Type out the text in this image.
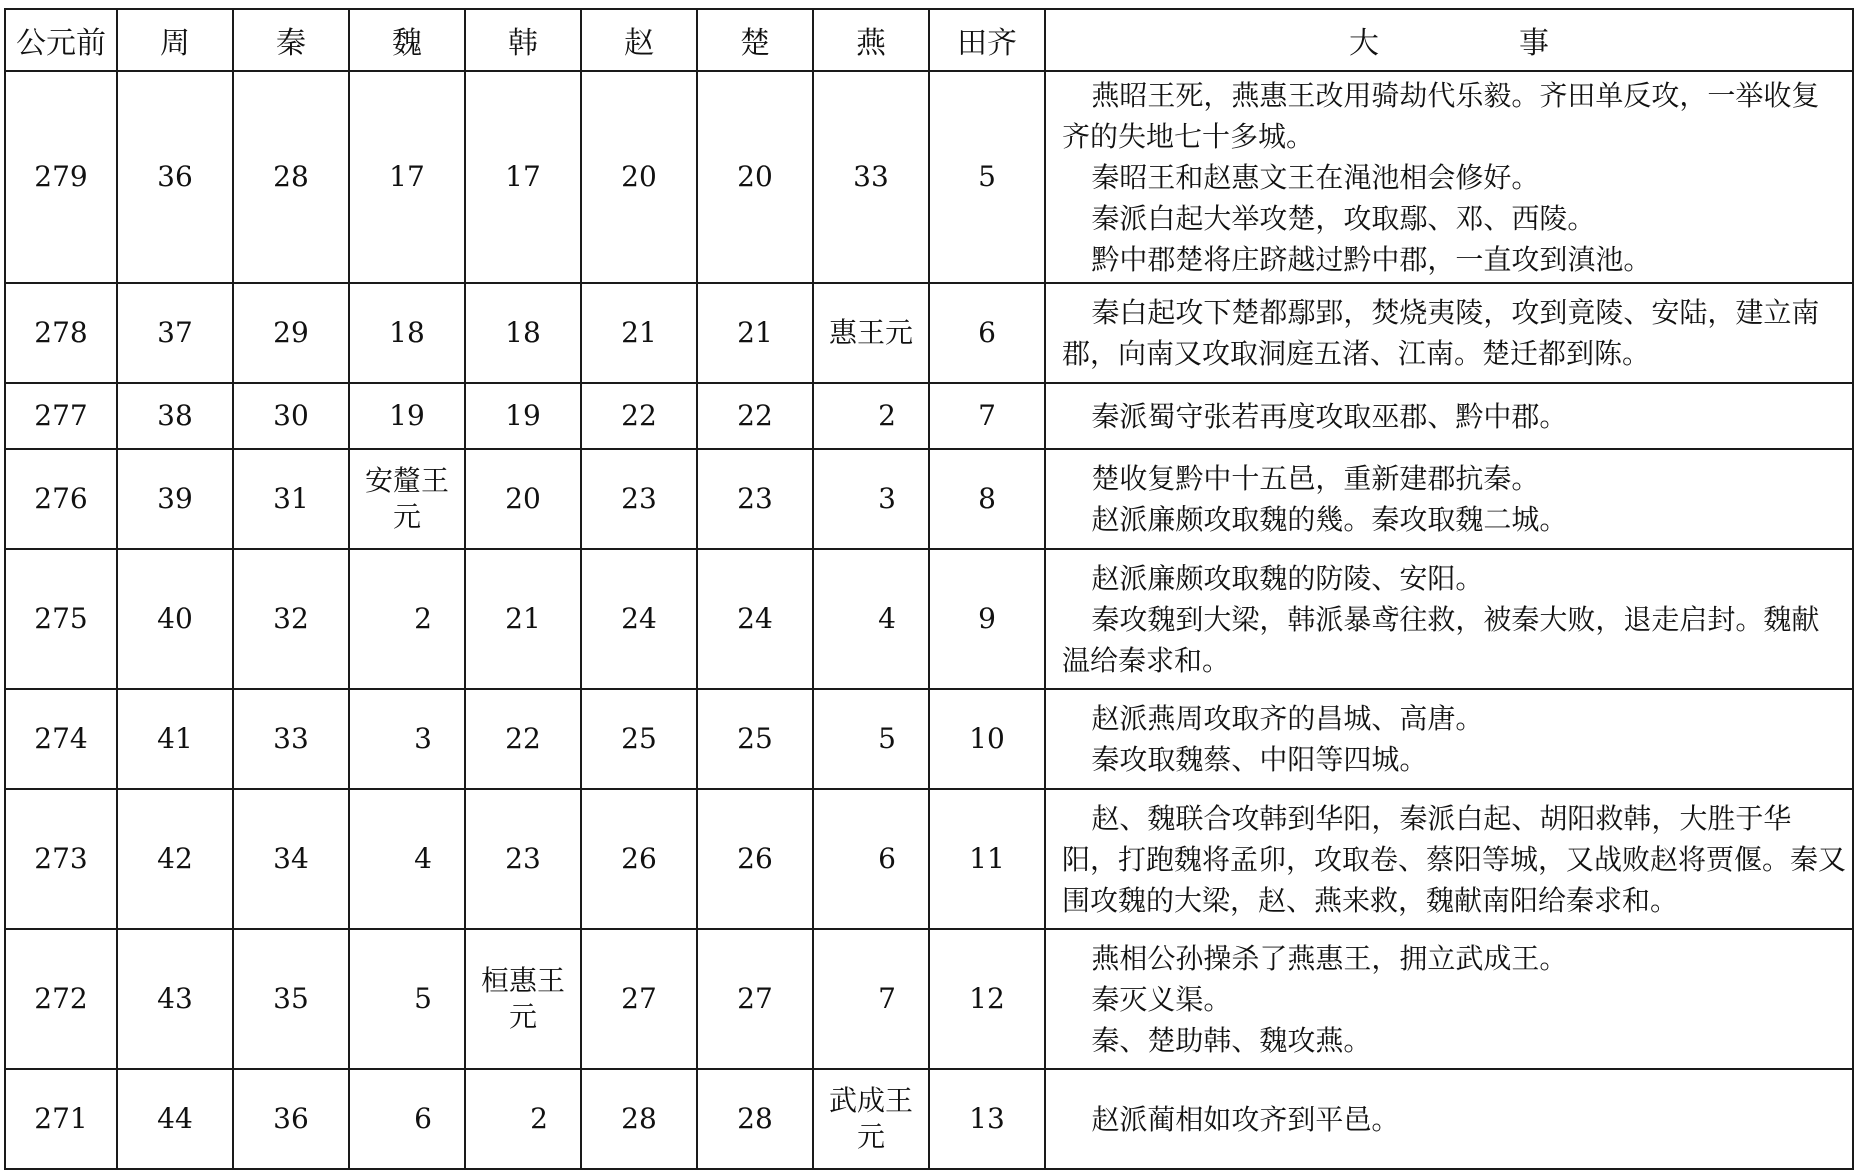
公元前	周	秦	魏	韩	赵	楚	燕	田齐	大 事

279	36	28	17	17	20	20	33	5	燕昭王死，燕惠王改用骑劫代乐毅。齐田单反攻，一举收复齐的失地七十多城。
秦昭王和赵惠文王在渑池相会修好。
秦派白起大举攻楚，攻取鄢、邓、西陵。
黔中郡楚将庄跻越过黔中郡，一直攻到滇池。

278	37	29	18	18	21	21	惠王元	6	秦白起攻下楚都鄢郢，焚烧夷陵，攻到竟陵、安陆，建立南郡，向南又攻取洞庭五渚、江南。楚迁都到陈。

277	38	30	19	19	22	22	2	7	秦派蜀守张若再度攻取巫郡、黔中郡。

276	39	31	安釐王元	20	23	23	3	8	楚收复黔中十五邑，重新建郡抗秦。
赵派廉颇攻取魏的幾。秦攻取魏二城。

275	40	32	2	21	24	24	4	9	赵派廉颇攻取魏的防陵、安阳。
秦攻魏到大梁，韩派暴鸢往救，被秦大败，退走启封。魏献温给秦求和。

274	41	33	3	22	25	25	5	10	赵派燕周攻取齐的昌城、高唐。
秦攻取魏蔡、中阳等四城。

273	42	34	4	23	26	26	6	11	赵、魏联合攻韩到华阳，秦派白起、胡阳救韩，大胜于华阳，打跑魏将孟卯，攻取卷、蔡阳等城，又战败赵将贾偃。秦又围攻魏的大梁，赵、燕来救，魏献南阳给秦求和。

272	43	35	5	桓惠王元	27	27	7	12	燕相公孙操杀了燕惠王，拥立武成王。
秦灭义渠。
秦、楚助韩、魏攻燕。

271	44	36	6	2	28	28	武成王元	13	赵派蔺相如攻齐到平邑。
